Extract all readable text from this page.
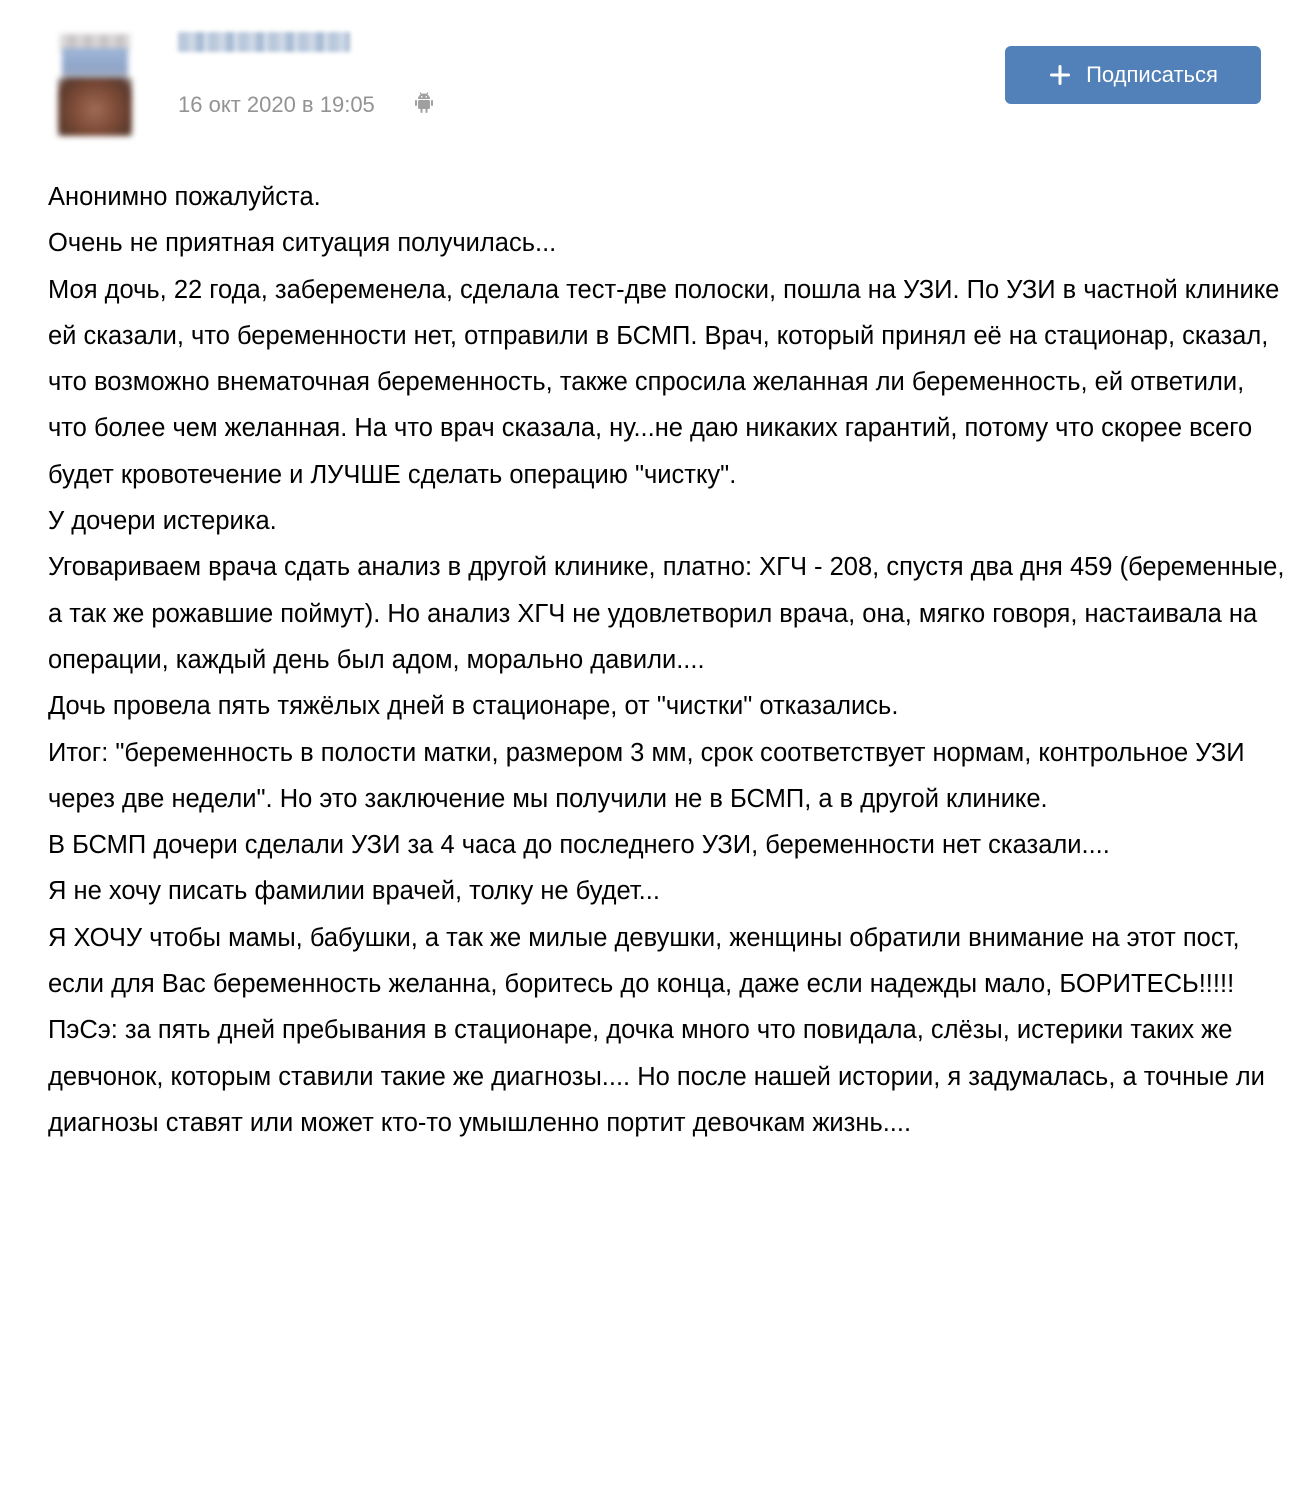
16 окт 2020 в 19:05
Подписаться

Анонимно пожалуйста.

Очень не приятная ситуация получилась...

Моя дочь, 22 года, забеременела, сделала тест-две полоски, пошла на УЗИ. По УЗИ в частной клинике ей сказали, что беременности нет, отправили в БСМП. Врач, который принял её на стационар, сказал, что возможно внематочная беременность, также спросила желанная ли беременность, ей ответили, что более чем желанная. На что врач сказала, ну...не даю никаких гарантий, потому что скорее всего будет кровотечение и ЛУЧШЕ сделать операцию "чистку".

У дочери истерика.

Уговариваем врача сдать анализ в другой клинике, платно: ХГЧ - 208, спустя два дня 459 (беременные, а так же рожавшие поймут). Но анализ ХГЧ не удовлетворил врача, она, мягко говоря, настаивала на операции, каждый день был адом, морально давили....

Дочь провела пять тяжёлых дней в стационаре, от "чистки" отказались.

Итог: "беременность в полости матки, размером 3 мм, срок соответствует нормам, контрольное УЗИ через две недели". Но это заключение мы получили не в БСМП, а в другой клинике.

В БСМП дочери сделали УЗИ за 4 часа до последнего УЗИ, беременности нет сказали....

Я не хочу писать фамилии врачей, толку не будет...

Я ХОЧУ чтобы мамы, бабушки, а так же милые девушки, женщины обратили внимание на этот пост, если для Вас беременность желанна, боритесь до конца, даже если надежды мало, БОРИТЕСЬ!!!!!

ПэСэ: за пять дней пребывания в стационаре, дочка много что повидала, слёзы, истерики таких же девчонок, которым ставили такие же диагнозы.... Но после нашей истории, я задумалась, а точные ли диагнозы ставят или может кто-то умышленно портит девочкам жизнь....
